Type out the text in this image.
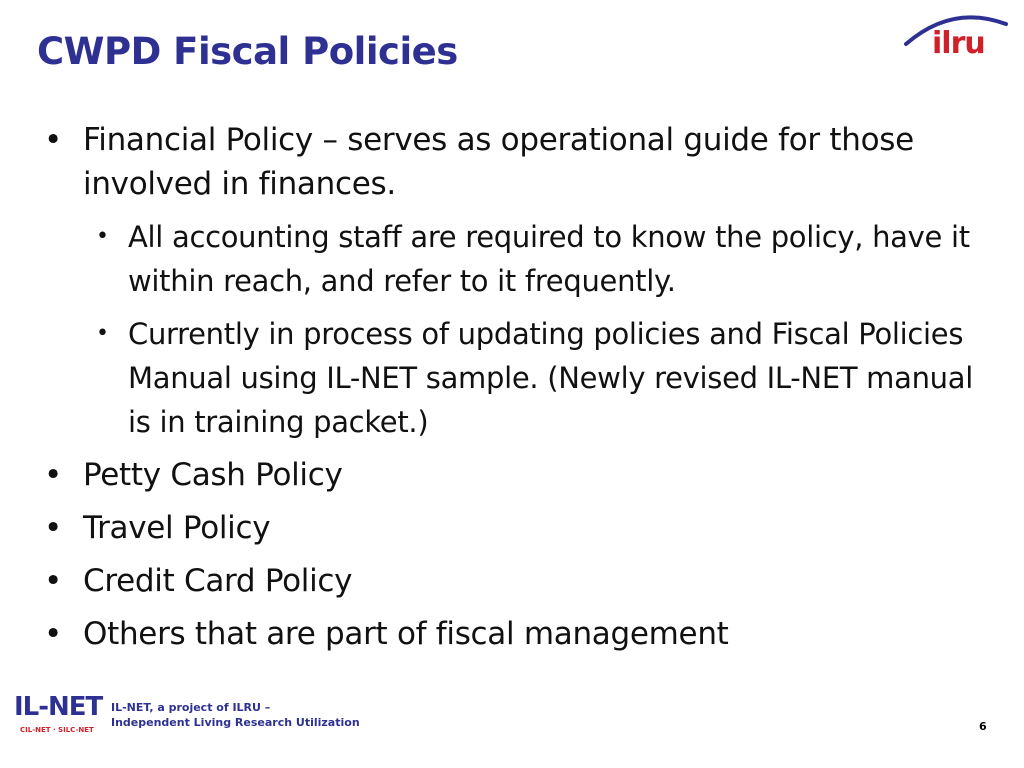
CWPD Fiscal Policies	ilru
• Financial Policy – serves as operational guide for those involved in finances.
• All accounting staff are required to know the policy, have it within reach, and refer to it frequently.
• Currently in process of updating policies and Fiscal Policies Manual using IL-NET sample. (Newly revised IL-NET manual is in training packet.)
• Petty Cash Policy
• Travel Policy
• Credit Card Policy
• Others that are part of fiscal management
IL-NET
CIL-NET · SILC-NET
IL-NET, a project of ILRU –
Independent Living Research Utilization	6
